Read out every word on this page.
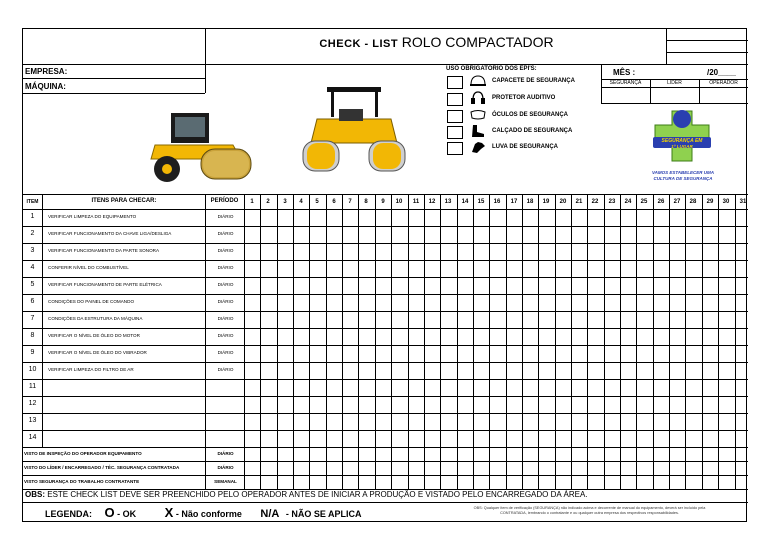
CHECK - LIST ROLO COMPACTADOR
EMPRESA:
MÁQUINA:
USO OBRIGATÓRIO DOS EPI'S:
CAPACETE DE SEGURANÇA
PROTETOR AUDITIVO
ÓCULOS DE SEGURANÇA
CALÇADO DE SEGURANÇA
LUVA DE SEGURANÇA
MÊS :	/20____
SEGURANÇA	LÍDER	OPERADOR
SEGURANÇA EM
1º LUGAR
VAMOS ESTABELECER UMA
CULTURA DE SEGURANÇA
ITEM	ITENS PARA CHECAR:	PERÍODO	1	2	3	4	5	6	7	8	9	10	11	12	13	14	15	16	17	18	19	20	21	22	23	24	25	26	27	28	29	30	31
1	VERIFICAR LIMPEZA DO EQUIPAMENTO	DIÁRIO
2	VERIFICAR FUNCIONAMENTO DA CHAVE LIGA/DESLIGA	DIÁRIO
3	VERIFICAR FUNCIONAMENTO DA PARTE SONORA	DIÁRIO
4	CONFERIR NÍVEL DO COMBUSTÍVEL	DIÁRIO
5	VERIFICAR FUNCIONAMENTO DE PARTE ELÉTRICA	DIÁRIO
6	CONDIÇÕES DO PAINEL DE COMANDO	DIÁRIO
7	CONDIÇÕES DA ESTRUTURA DA MÁQUINA	DIÁRIO
8	VERIFICAR O NÍVEL DE ÓLEO DO MOTOR	DIÁRIO
9	VERIFICAR O NÍVEL DE ÓLEO DO VIBRADOR	DIÁRIO
10	VERIFICAR LIMPEZA DO FILTRO DE AR	DIÁRIO
11
12
13
14
VISTO DE INSPEÇÃO DO OPERADOR EQUIPAMENTO	DIÁRIO
VISTO DO LÍDER / ENCARREGADO / TÉC. SEGURANÇA CONTRATADA	DIÁRIO
VISTO SEGURANÇA DO TRABALHO CONTRATANTE	SEMANAL
OBS: ESTE CHECK LIST DEVE SER PREENCHIDO PELO OPERADOR ANTES DE INICIAR A PRODUÇÃO E VISTADO PELO ENCARREGADO DA ÁREA.
LEGENDA: O - OK X - Não conforme N/A - NÃO SE APLICA
OBS: Qualquer item de verificação (SEGURANÇA) não indicado acima e decorrente de manual do equipamento, deverá ser incluído pela
CONTRATADA, lembrando o contratante e ou qualquer outra empresa dos respectivos responsabilidades.
